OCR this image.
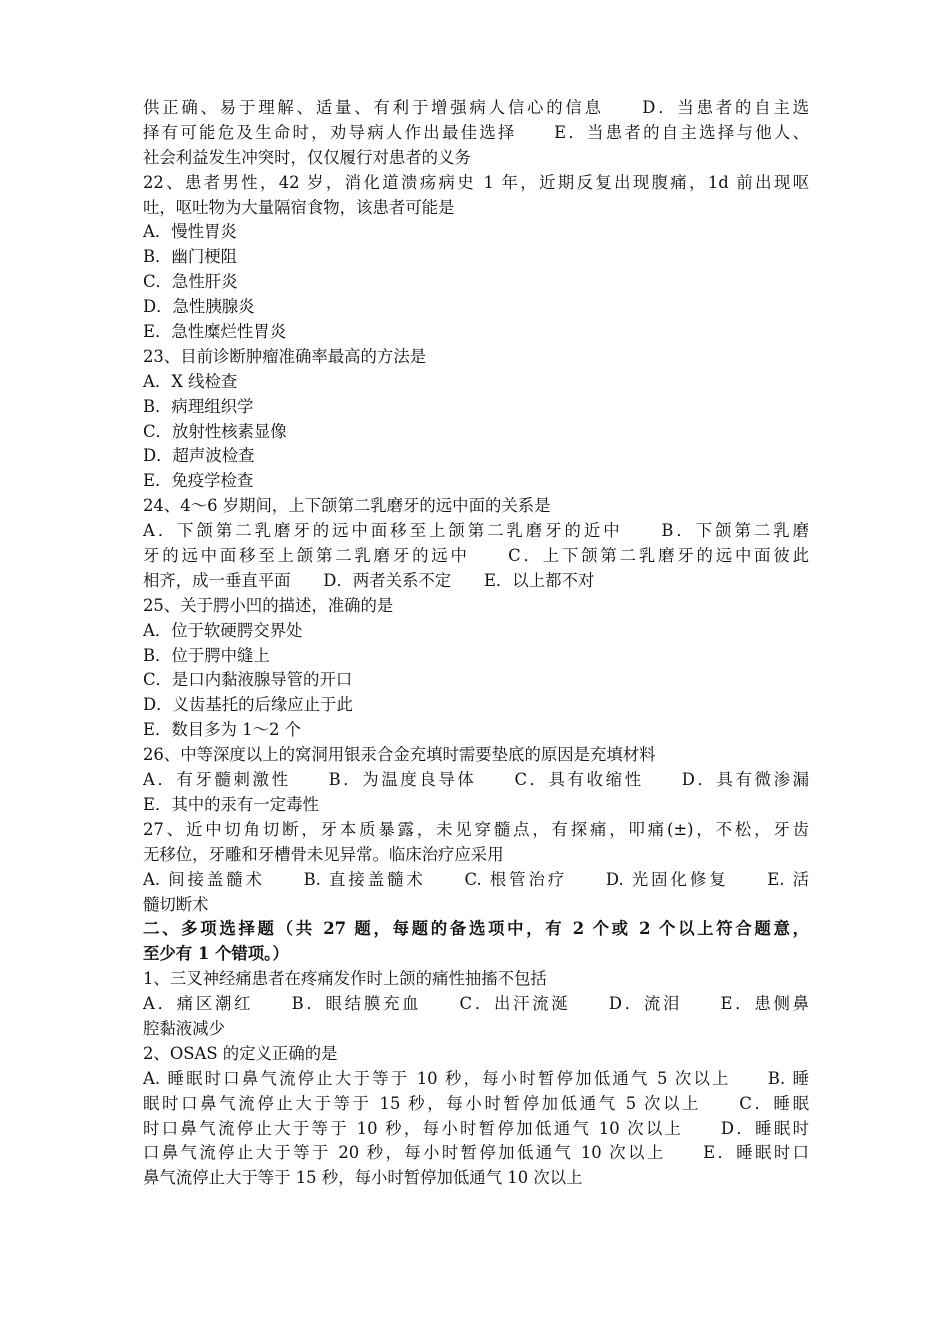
供正确、易于理解、适量、有利于增强病人信心的信息　　D．当患者的自主选
择有可能危及生命时，劝导病人作出最佳选择　　E．当患者的自主选择与他人、
社会利益发生冲突时，仅仅履行对患者的义务
22、患者男性，42 岁，消化道溃疡病史 1 年，近期反复出现腹痛，1d 前出现呕
吐，呕吐物为大量隔宿食物，该患者可能是
A．慢性胃炎
B．幽门梗阻
C．急性肝炎
D．急性胰腺炎
E．急性糜烂性胃炎
23、目前诊断肿瘤准确率最高的方法是
A．X 线检查
B．病理组织学
C．放射性核素显像
D．超声波检查
E．免疫学检查
24、4～6 岁期间，上下颌第二乳磨牙的远中面的关系是
A．下颌第二乳磨牙的远中面移至上颌第二乳磨牙的近中　　B．下颌第二乳磨
牙的远中面移至上颌第二乳磨牙的远中　　C．上下颌第二乳磨牙的远中面彼此
相齐，成一垂直平面　　D．两者关系不定　　E．以上都不对
25、关于腭小凹的描述，准确的是
A．位于软硬腭交界处
B．位于腭中缝上
C．是口内黏液腺导管的开口
D．义齿基托的后缘应止于此
E．数目多为 1～2 个
26、中等深度以上的窝洞用银汞合金充填时需要垫底的原因是充填材料
A．有牙髓刺激性　　B．为温度良导体　　C．具有收缩性　　D．具有微渗漏
E．其中的汞有一定毒性
27、近中切角切断，牙本质暴露，未见穿髓点，有探痛，叩痛(±)，不松，牙齿
无移位，牙雕和牙槽骨未见异常。临床治疗应采用
A. 间接盖髓术　　B. 直接盖髓术　　C. 根管治疗　　D. 光固化修复　　E. 活
髓切断术
二、多项选择题（共 27 题，每题的备选项中，有 2 个或 2 个以上符合题意，
至少有 1 个错项。）
1、三叉神经痛患者在疼痛发作时上颌的痛性抽搐不包括
A．痛区潮红　　B．眼结膜充血　　C．出汗流涎　　D．流泪　　E．患侧鼻
腔黏液减少
2、OSAS 的定义正确的是
A. 睡眠时口鼻气流停止大于等于 10 秒，每小时暂停加低通气 5 次以上　　B. 睡
眠时口鼻气流停止大于等于 15 秒，每小时暂停加低通气 5 次以上　　C．睡眠
时口鼻气流停止大于等于 10 秒，每小时暂停加低通气 10 次以上　　D．睡眠时
口鼻气流停止大于等于 20 秒，每小时暂停加低通气 10 次以上　　E．睡眠时口
鼻气流停止大于等于 15 秒，每小时暂停加低通气 10 次以上
